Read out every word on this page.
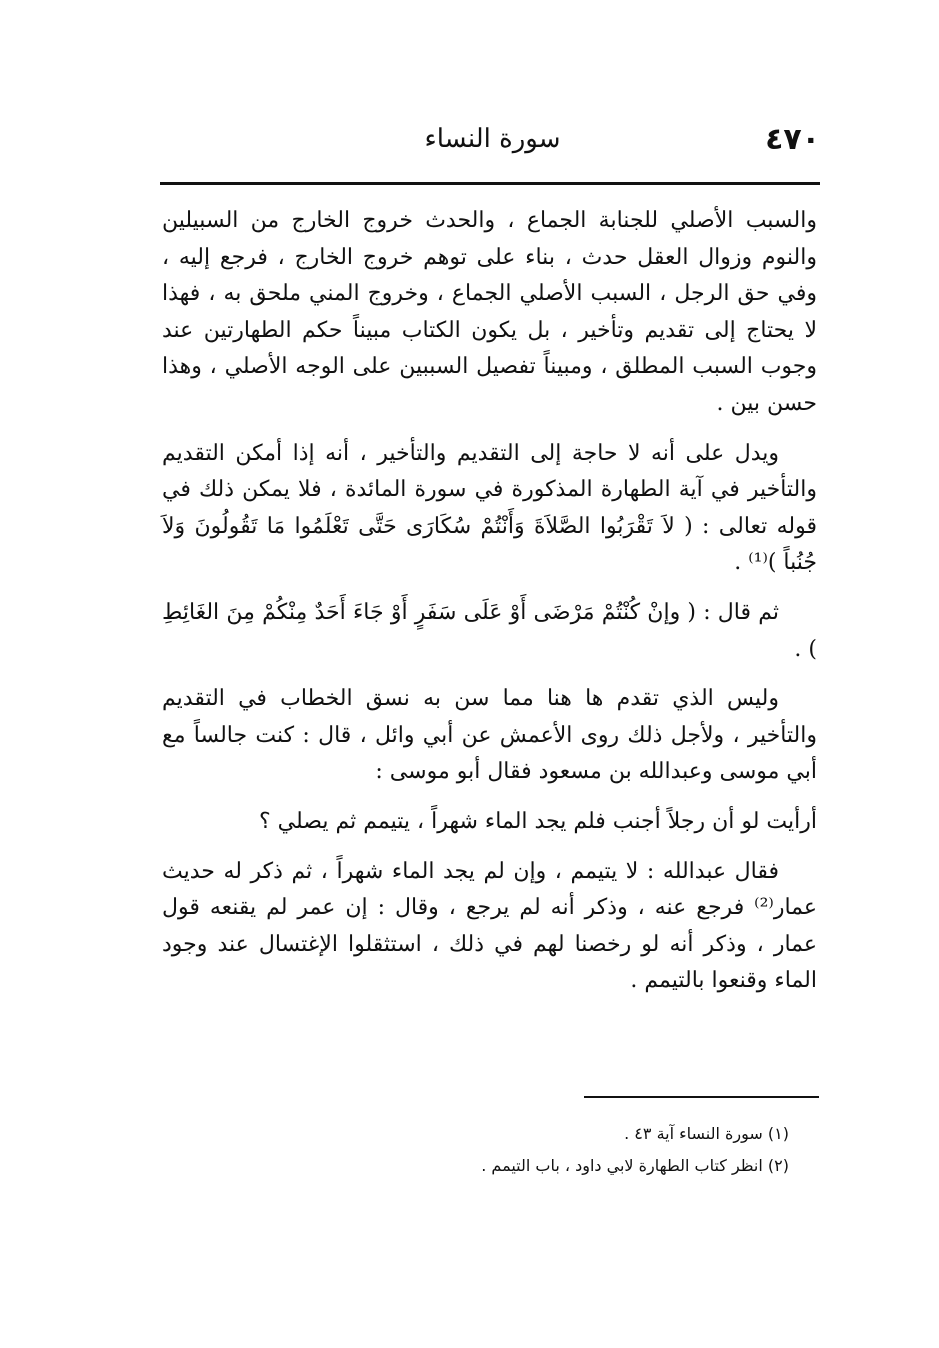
٤٧٠
سورة النساء

والسبب الأصلي للجنابة الجماع ، والحدث خروج الخارج من السبيلين والنوم وزوال العقل حدث ، بناء على توهم خروج الخارج ، فرجع إليه ، وفي حق الرجل ، السبب الأصلي الجماع ، وخروج المني ملحق به ، فهذا لا يحتاج إلى تقديم وتأخير ، بل يكون الكتاب مبيناً حكم الطهارتين عند وجوب السبب المطلق ، ومبيناً تفصيل السببين على الوجه الأصلي ، وهذا حسن بين .

ويدل على أنه لا حاجة إلى التقديم والتأخير ، أنه إذا أمكن التقديم والتأخير في آية الطهارة المذكورة في سورة المائدة ، فلا يمكن ذلك في قوله تعالى : ( لاَ تَقْرَبُوا الصَّلاَةَ وَأَنْتُمْ سُكَارَى حَتَّى تَعْلَمُوا مَا تَقُولُونَ وَلاَ جُنُباً )⁽¹⁾ .

ثم قال : ( وإنْ كُنْتُمْ مَرْضَى أَوْ عَلَى سَفَرٍ أَوْ جَاءَ أَحَدٌ مِنْكُمْ مِنَ الغَائِطِ ) .

وليس الذي تقدم ها هنا مما سن به نسق الخطاب في التقديم والتأخير ، ولأجل ذلك روى الأعمش عن أبي وائل ، قال : كنت جالساً مع أبي موسى وعبدالله بن مسعود فقال أبو موسى :

أرأيت لو أن رجلاً أجنب فلم يجد الماء شهراً ، يتيمم ثم يصلي ؟

فقال عبدالله : لا يتيمم ، وإن لم يجد الماء شهراً ، ثم ذكر له حديث عمار⁽²⁾ فرجع عنه ، وذكر أنه لم يرجع ، وقال : إن عمر لم يقنعه قول عمار ، وذكر أنه لو رخصنا لهم في ذلك ، استثقلوا الإغتسال عند وجود الماء وقنعوا بالتيمم .

(١) سورة النساء آية ٤٣ .

(٢) انظر كتاب الطهارة لابي داود ، باب التيمم .
